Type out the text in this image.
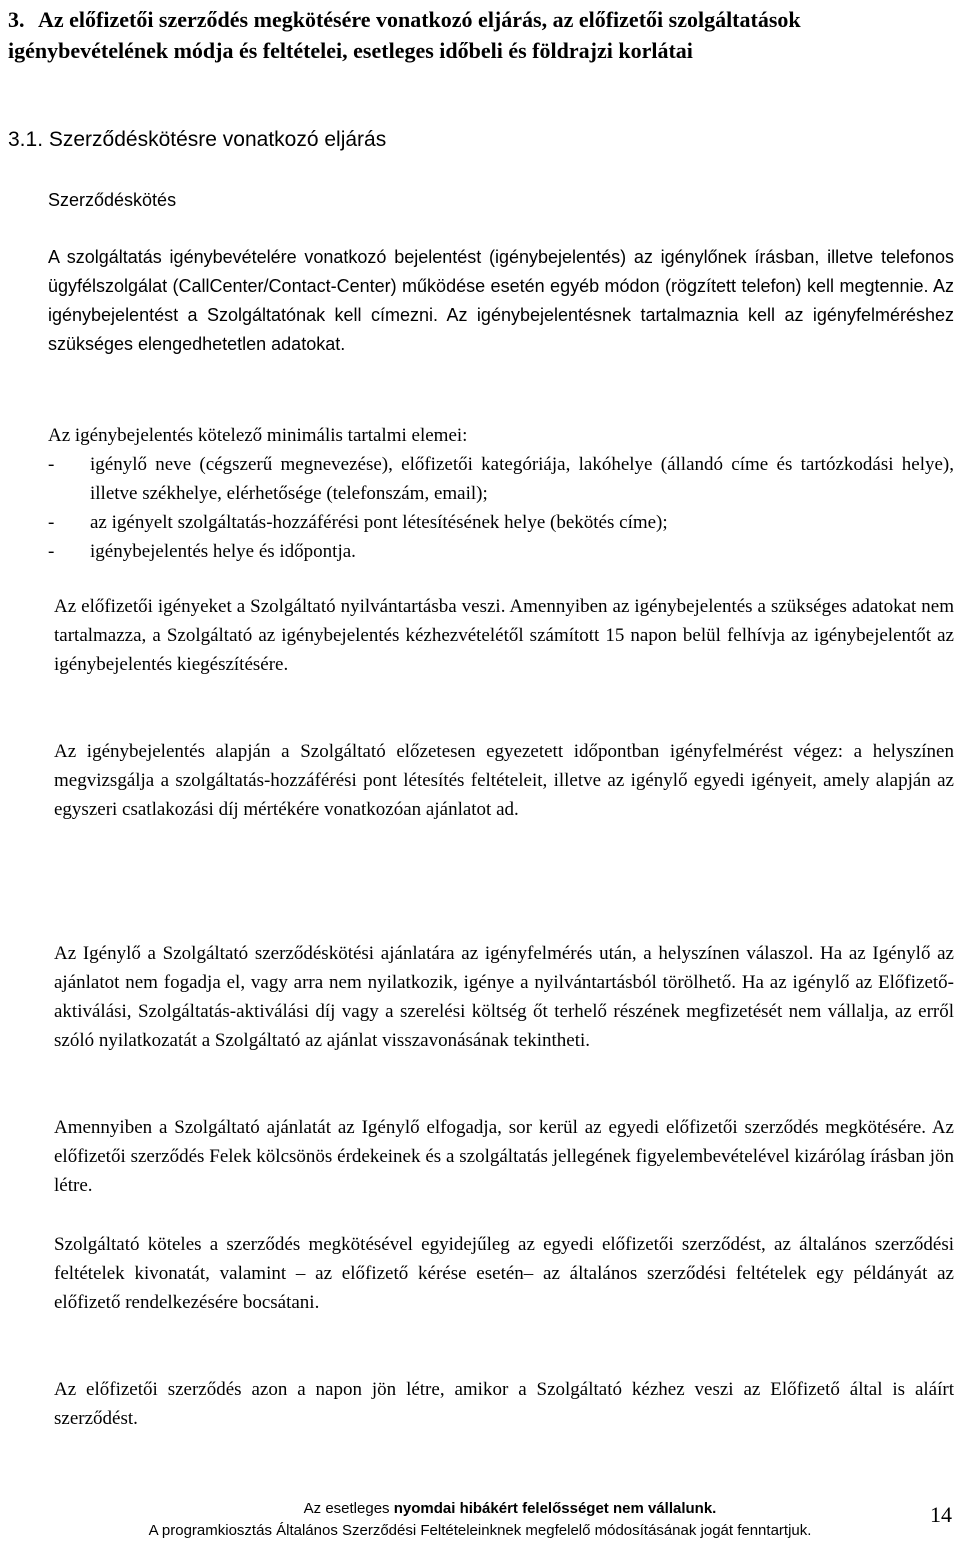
3. Az előfizetői szerződés megkötésére vonatkozó eljárás, az előfizetői szolgáltatások igénybevételének módja és feltételei, esetleges időbeli és földrajzi korlátai
3.1. Szerződéskötésre vonatkozó eljárás
Szerződéskötés
A szolgáltatás igénybevételére vonatkozó bejelentést (igénybejelentés) az igénylőnek írásban, illetve telefonos ügyfélszolgálat (CallCenter/Contact-Center) működése esetén egyéb módon (rögzített telefon) kell megtennie. Az igénybejelentést a Szolgáltatónak kell címezni. Az igénybejelentésnek tartalmaznia kell az igényfelméréshez szükséges elengedhetetlen adatokat.
Az igénybejelentés kötelező minimális tartalmi elemei:
-	igénylő neve (cégszerű megnevezése), előfizetői kategóriája, lakóhelye (állandó címe és tartózkodási helye), illetve székhelye, elérhetősége (telefonszám, email);
-	az igényelt szolgáltatás-hozzáférési pont létesítésének helye (bekötés címe);
-	igénybejelentés helye és időpontja.
Az előfizetői igényeket a Szolgáltató nyilvántartásba veszi. Amennyiben az igénybejelentés a szükséges adatokat nem tartalmazza, a Szolgáltató az igénybejelentés kézhezvételétől számított 15 napon belül felhívja az igénybejelentőt az igénybejelentés kiegészítésére.
Az igénybejelentés alapján a Szolgáltató előzetesen egyezetett időpontban igényfelmérést végez: a helyszínen megvizsgálja a szolgáltatás-hozzáférési pont létesítés feltételeit, illetve az igénylő egyedi igényeit, amely alapján az egyszeri csatlakozási díj mértékére vonatkozóan ajánlatot ad.
Az Igénylő a Szolgáltató szerződéskötési ajánlatára az igényfelmérés után, a helyszínen válaszol. Ha az Igénylő az ajánlatot nem fogadja el, vagy arra nem nyilatkozik, igénye a nyilvántartásból törölhető. Ha az igénylő az Előfizető-aktiválási, Szolgáltatás-aktiválási díj vagy a szerelési költség őt terhelő részének megfizetését nem vállalja, az erről szóló nyilatkozatát a Szolgáltató az ajánlat visszavonásának tekintheti.
Amennyiben a Szolgáltató ajánlatát az Igénylő elfogadja, sor kerül az egyedi előfizetői szerződés megkötésére. Az előfizetői szerződés Felek kölcsönös érdekeinek és a szolgáltatás jellegének figyelembevételével kizárólag írásban jön létre.
Szolgáltató köteles a szerződés megkötésével egyidejűleg az egyedi előfizetői szerződést, az általános szerződési feltételek kivonatát, valamint – az előfizető kérése esetén– az általános szerződési feltételek egy példányát az előfizető rendelkezésére bocsátani.
Az előfizetői szerződés azon a napon jön létre, amikor a Szolgáltató kézhez veszi az Előfizető által is aláírt szerződést.
Az esetleges nyomdai hibákért felelősséget nem vállalunk.
A programkiosztás Általános Szerződési Feltételeinknek megfelelő módosításának jogát fenntartjuk.
14
